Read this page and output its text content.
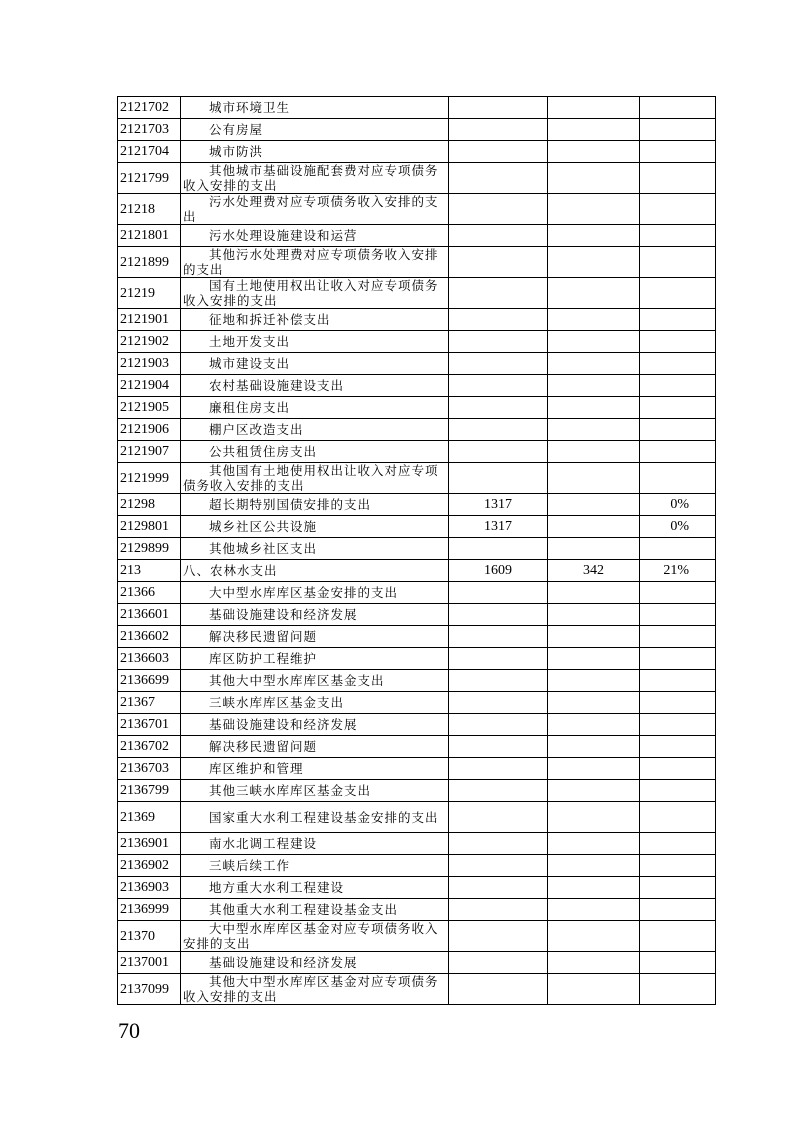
2121702	城市环境卫生			
2121703	公有房屋			
2121704	城市防洪			
2121799	其他城市基础设施配套费对应专项债务收入安排的支出			
21218	污水处理费对应专项债务收入安排的支出			
2121801	污水处理设施建设和运营			
2121899	其他污水处理费对应专项债务收入安排的支出			
21219	国有土地使用权出让收入对应专项债务收入安排的支出			
2121901	征地和拆迁补偿支出			
2121902	土地开发支出			
2121903	城市建设支出			
2121904	农村基础设施建设支出			
2121905	廉租住房支出			
2121906	棚户区改造支出			
2121907	公共租赁住房支出			
2121999	其他国有土地使用权出让收入对应专项债务收入安排的支出			
21298	超长期特别国债安排的支出	1317		0%
2129801	城乡社区公共设施	1317		0%
2129899	其他城乡社区支出			
213	八、农林水支出	1609	342	21%
21366	大中型水库库区基金安排的支出			
2136601	基础设施建设和经济发展			
2136602	解决移民遗留问题			
2136603	库区防护工程维护			
2136699	其他大中型水库库区基金支出			
21367	三峡水库库区基金支出			
2136701	基础设施建设和经济发展			
2136702	解决移民遗留问题			
2136703	库区维护和管理			
2136799	其他三峡水库库区基金支出			
21369	国家重大水利工程建设基金安排的支出			
2136901	南水北调工程建设			
2136902	三峡后续工作			
2136903	地方重大水利工程建设			
2136999	其他重大水利工程建设基金支出			
21370	大中型水库库区基金对应专项债务收入安排的支出			
2137001	基础设施建设和经济发展			
2137099	其他大中型水库库区基金对应专项债务收入安排的支出			
70
